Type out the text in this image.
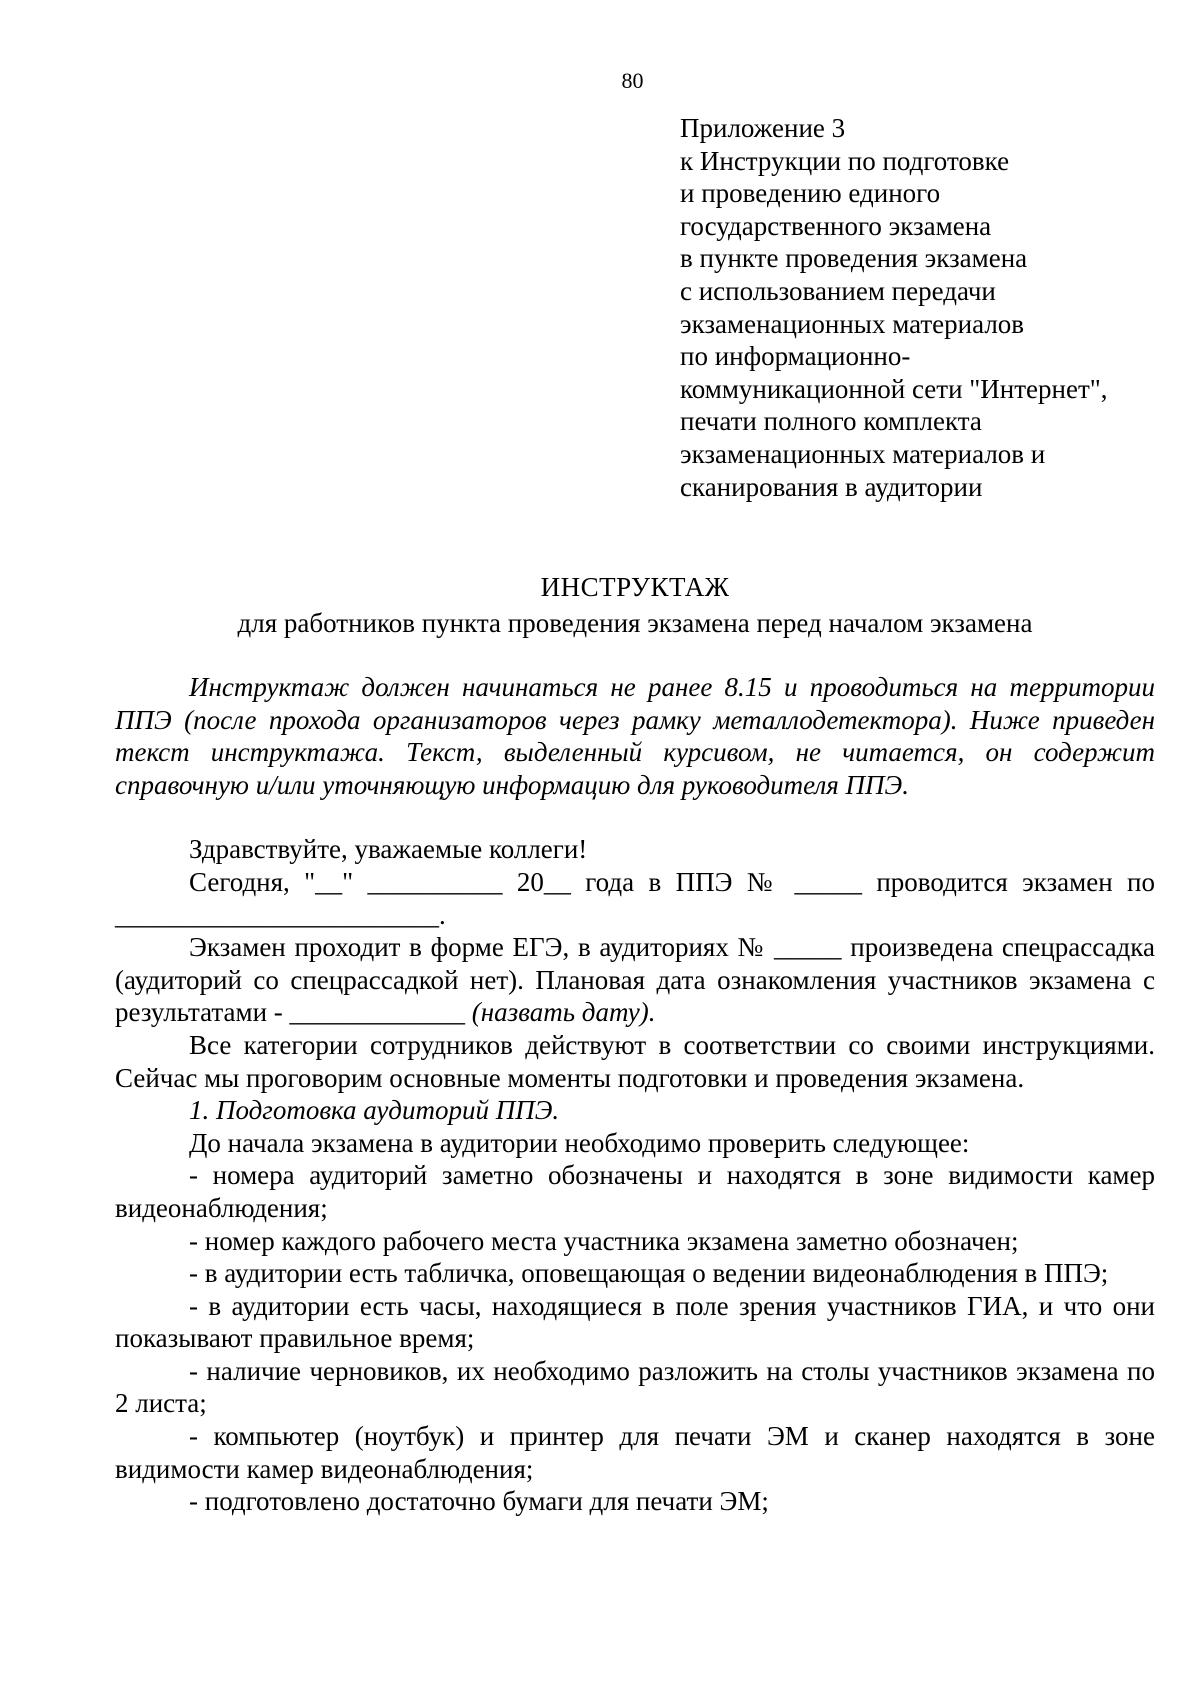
80
Приложение 3
к Инструкции по подготовке
и проведению единого
государственного экзамена
в пункте проведения экзамена
с использованием передачи
экзаменационных материалов
по информационно-
коммуникационной сети "Интернет",
печати полного комплекта
экзаменационных материалов и
сканирования в аудитории
ИНСТРУКТАЖ
для работников пункта проведения экзамена перед началом экзамена

Инструктаж должен начинаться не ранее 8.15 и проводиться на территории ППЭ (после прохода организаторов через рамку металлодетектора). Ниже приведен текст инструктажа. Текст, выделенный курсивом, не читается, он содержит справочную и/или уточняющую информацию для руководителя ППЭ.

Здравствуйте, уважаемые коллеги!

Сегодня, "__" __________ 20__ года в ППЭ № _____ проводится экзамен по ________________________.

Экзамен проходит в форме ЕГЭ, в аудиториях № _____ произведена спецрассадка (аудиторий со спецрассадкой нет). Плановая дата ознакомления участников экзамена с результатами - _____________ (назвать дату).

Все категории сотрудников действуют в соответствии со своими инструкциями. Сейчас мы проговорим основные моменты подготовки и проведения экзамена.

1. Подготовка аудиторий ППЭ.

До начала экзамена в аудитории необходимо проверить следующее:

- номера аудиторий заметно обозначены и находятся в зоне видимости камер видеонаблюдения;

- номер каждого рабочего места участника экзамена заметно обозначен;

- в аудитории есть табличка, оповещающая о ведении видеонаблюдения в ППЭ;

- в аудитории есть часы, находящиеся в поле зрения участников ГИА, и что они показывают правильное время;

- наличие черновиков, их необходимо разложить на столы участников экзамена по 2 листа;

- компьютер (ноутбук) и принтер для печати ЭМ и сканер находятся в зоне видимости камер видеонаблюдения;

- подготовлено достаточно бумаги для печати ЭМ;
